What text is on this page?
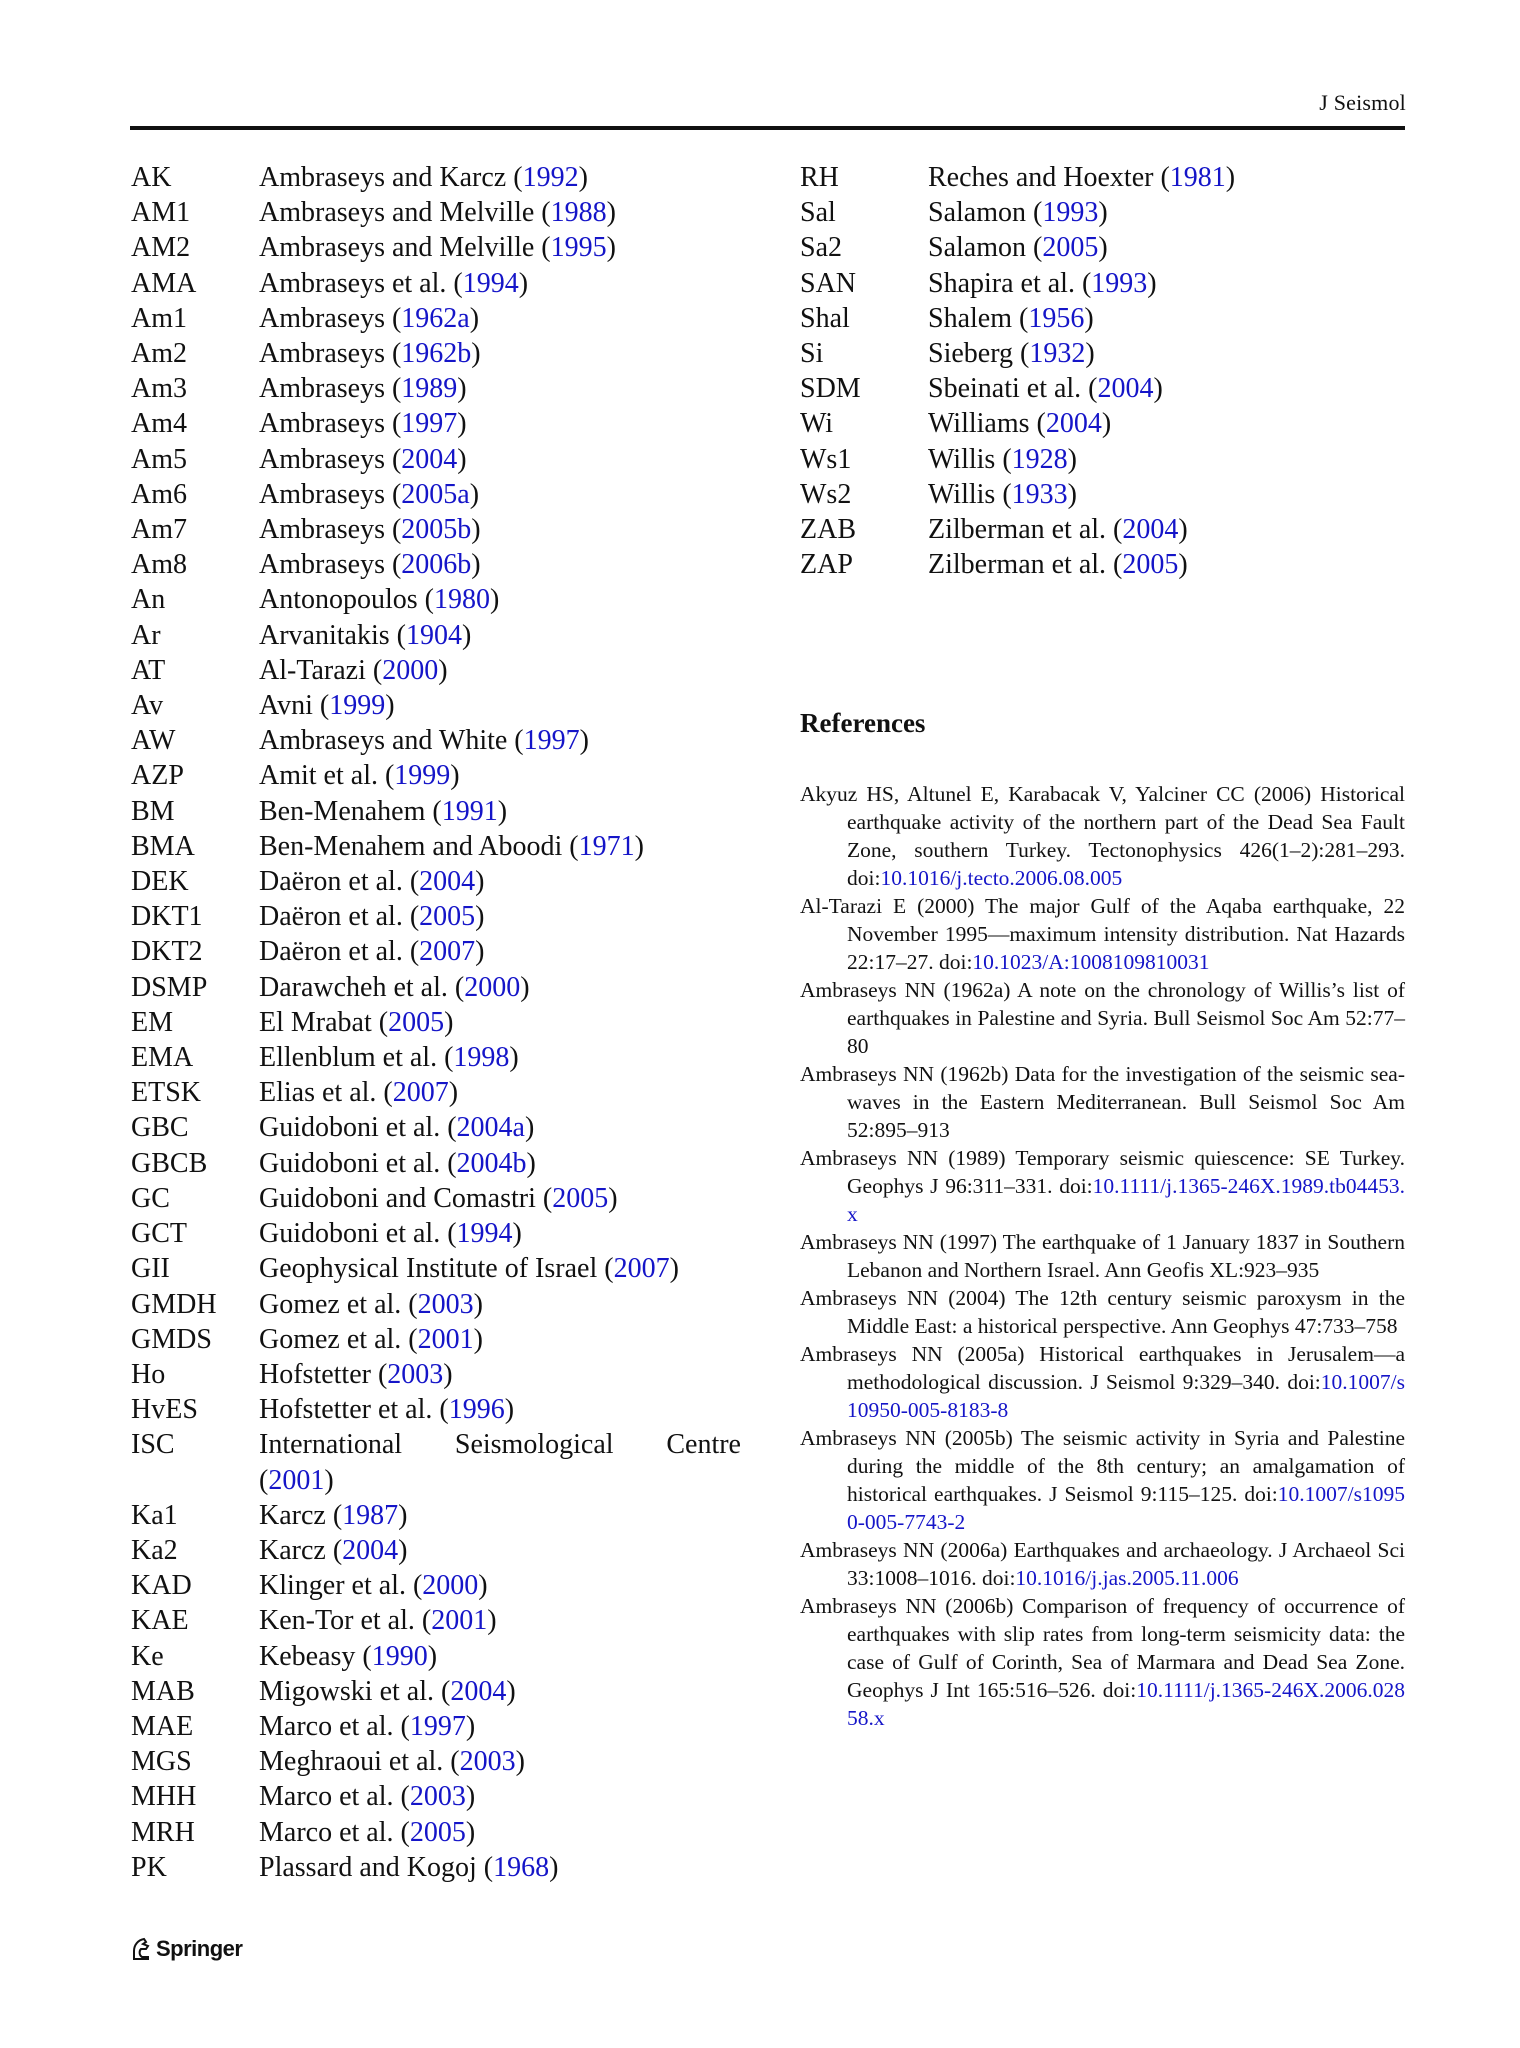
J Seismol
AK	Ambraseys and Karcz (1992)
AM1	Ambraseys and Melville (1988)
AM2	Ambraseys and Melville (1995)
AMA	Ambraseys et al. (1994)
Am1	Ambraseys (1962a)
Am2	Ambraseys (1962b)
Am3	Ambraseys (1989)
Am4	Ambraseys (1997)
Am5	Ambraseys (2004)
Am6	Ambraseys (2005a)
Am7	Ambraseys (2005b)
Am8	Ambraseys (2006b)
An	Antonopoulos (1980)
Ar	Arvanitakis (1904)
AT	Al-Tarazi (2000)
Av	Avni (1999)
AW	Ambraseys and White (1997)
AZP	Amit et al. (1999)
BM	Ben-Menahem (1991)
BMA	Ben-Menahem and Aboodi (1971)
DEK	Daëron et al. (2004)
DKT1	Daëron et al. (2005)
DKT2	Daëron et al. (2007)
DSMP	Darawcheh et al. (2000)
EM	El Mrabat (2005)
EMA	Ellenblum et al. (1998)
ETSK	Elias et al. (2007)
GBC	Guidoboni et al. (2004a)
GBCB	Guidoboni et al. (2004b)
GC	Guidoboni and Comastri (2005)
GCT	Guidoboni et al. (1994)
GII	Geophysical Institute of Israel (2007)
GMDH	Gomez et al. (2003)
GMDS	Gomez et al. (2001)
Ho	Hofstetter (2003)
HvES	Hofstetter et al. (1996)
ISC	International Seismological Centre
(2001)
Ka1	Karcz (1987)
Ka2	Karcz (2004)
KAD	Klinger et al. (2000)
KAE	Ken-Tor et al. (2001)
Ke	Kebeasy (1990)
MAB	Migowski et al. (2004)
MAE	Marco et al. (1997)
MGS	Meghraoui et al. (2003)
MHH	Marco et al. (2003)
MRH	Marco et al. (2005)
PK	Plassard and Kogoj (1968)
RH	Reches and Hoexter (1981)
Sal	Salamon (1993)
Sa2	Salamon (2005)
SAN	Shapira et al. (1993)
Shal	Shalem (1956)
Si	Sieberg (1932)
SDM	Sbeinati et al. (2004)
Wi	Williams (2004)
Ws1	Willis (1928)
Ws2	Willis (1933)
ZAB	Zilberman et al. (2004)
ZAP	Zilberman et al. (2005)
References
Akyuz HS, Altunel E, Karabacak V, Yalciner CC (2006) Historical earthquake activity of the northern part of the Dead Sea Fault Zone, southern Turkey. Tectonophysics 426(1–2):281–293. doi:10.1016/j.tecto.2006.08.005
Al-Tarazi E (2000) The major Gulf of the Aqaba earthquake, 22 November 1995—maximum intensity distribution. Nat Hazards 22:17–27. doi:10.1023/A:1008109810031
Ambraseys NN (1962a) A note on the chronology of Willis’s list of earthquakes in Palestine and Syria. Bull Seismol Soc Am 52:77–80
Ambraseys NN (1962b) Data for the investigation of the seismic sea-waves in the Eastern Mediterranean. Bull Seismol Soc Am 52:895–913
Ambraseys NN (1989) Temporary seismic quiescence: SE Turkey. Geophys J 96:311–331. doi:10.1111/j.1365-246X.1989.tb04453.x
Ambraseys NN (1997) The earthquake of 1 January 1837 in Southern Lebanon and Northern Israel. Ann Geofis XL:923–935
Ambraseys NN (2004) The 12th century seismic paroxysm in the Middle East: a historical perspective. Ann Geophys 47:733–758
Ambraseys NN (2005a) Historical earthquakes in Jerusalem—a methodological discussion. J Seismol 9:329–340. doi:10.1007/s10950-005-8183-8
Ambraseys NN (2005b) The seismic activity in Syria and Palestine during the middle of the 8th century; an amalgamation of historical earthquakes. J Seismol 9:115–125. doi:10.1007/s10950-005-7743-2
Ambraseys NN (2006a) Earthquakes and archaeology. J Archaeol Sci 33:1008–1016. doi:10.1016/j.jas.2005.11.006
Ambraseys NN (2006b) Comparison of frequency of occurrence of earthquakes with slip rates from long-term seismicity data: the case of Gulf of Corinth, Sea of Marmara and Dead Sea Zone. Geophys J Int 165:516–526. doi:10.1111/j.1365-246X.2006.02858.x
Springer
